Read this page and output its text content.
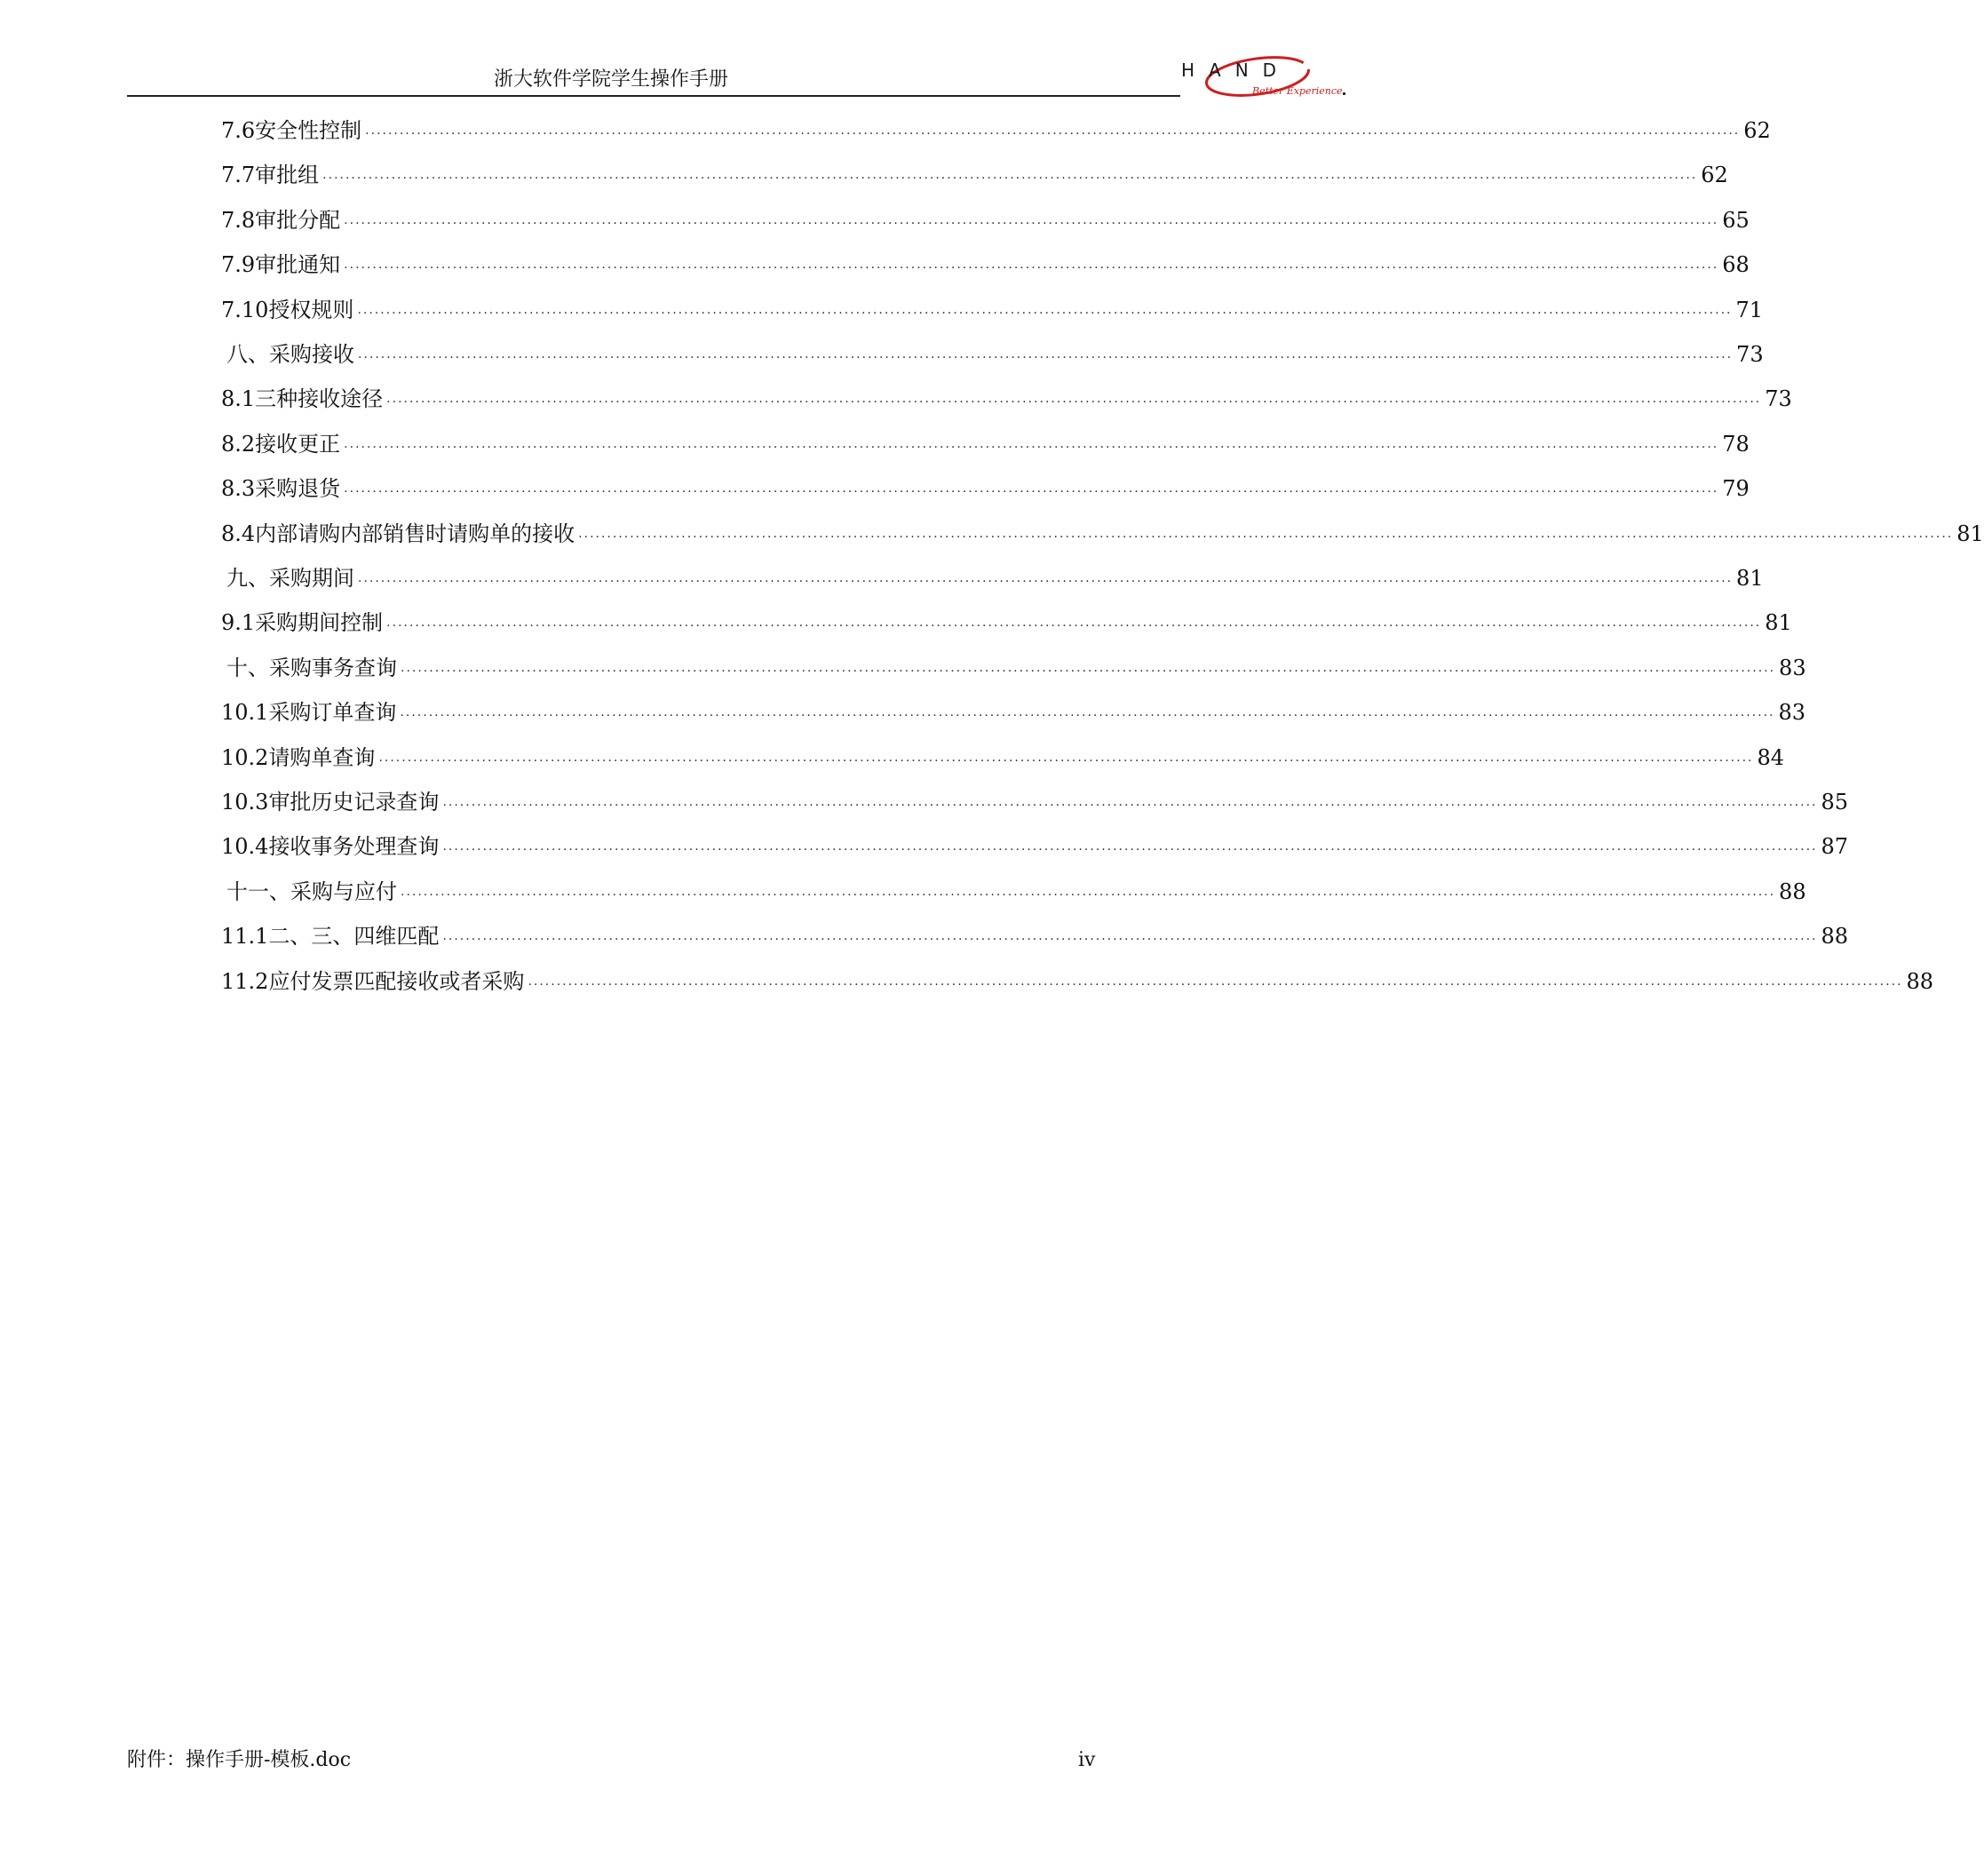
浙大软件学院学生操作手册	HAND
Better Experience
7.6安全性控制 ................................................................................................................................................................................................................................................ 62
7.7审批组 ................................................................................................................................................................................................................................................ 62
7.8审批分配 ................................................................................................................................................................................................................................................ 65
7.9审批通知 ................................................................................................................................................................................................................................................ 68
7.10授权规则 ................................................................................................................................................................................................................................................ 71
八、采购接收 ................................................................................................................................................................................................................................................ 73
8.1三种接收途径 ................................................................................................................................................................................................................................................ 73
8.2接收更正 ................................................................................................................................................................................................................................................ 78
8.3采购退货 ................................................................................................................................................................................................................................................ 79
8.4内部请购内部销售时请购单的接收 ................................................................................................................................................................................................................................................ 81
九、采购期间 ................................................................................................................................................................................................................................................ 81
9.1采购期间控制 ................................................................................................................................................................................................................................................ 81
十、采购事务查询 ................................................................................................................................................................................................................................................ 83
10.1采购订单查询 ................................................................................................................................................................................................................................................ 83
10.2请购单查询 ................................................................................................................................................................................................................................................ 84
10.3审批历史记录查询 ................................................................................................................................................................................................................................................ 85
10.4接收事务处理查询 ................................................................................................................................................................................................................................................ 87
十一、采购与应付 ................................................................................................................................................................................................................................................ 88
11.1二、三、四维匹配 ................................................................................................................................................................................................................................................ 88
11.2应付发票匹配接收或者采购 ................................................................................................................................................................................................................................................ 88
附件：操作手册-模板.doc	iv
